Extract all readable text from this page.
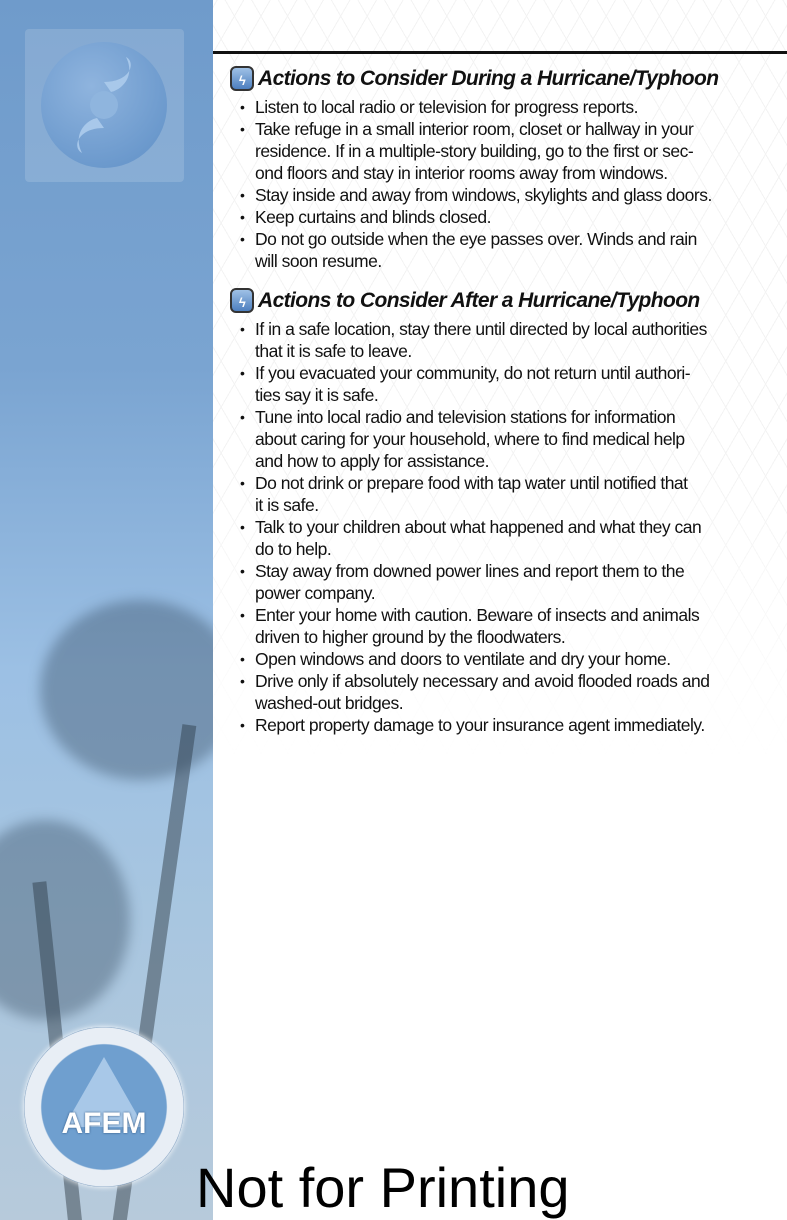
AFEM
ϟ Actions to Consider During a Hurricane/Typhoon
• Listen to local radio or television for progress reports.
• Take refuge in a small interior room, closet or hallway in your
residence. If in a multiple-story building, go to the first or sec-
ond floors and stay in interior rooms away from windows.
• Stay inside and away from windows, skylights and glass doors.
• Keep curtains and blinds closed.
• Do not go outside when the eye passes over. Winds and rain
will soon resume.
ϟ Actions to Consider After a Hurricane/Typhoon
• If in a safe location, stay there until directed by local authorities
that it is safe to leave.
• If you evacuated your community, do not return until authori-
ties say it is safe.
• Tune into local radio and television stations for information
about caring for your household, where to find medical help
and how to apply for assistance.
• Do not drink or prepare food with tap water until notified that
it is safe.
• Talk to your children about what happened and what they can
do to help.
• Stay away from downed power lines and report them to the
power company.
• Enter your home with caution. Beware of insects and animals
driven to higher ground by the floodwaters.
• Open windows and doors to ventilate and dry your home.
• Drive only if absolutely necessary and avoid flooded roads and
washed-out bridges.
• Report property damage to your insurance agent immediately.
Not for Printing
